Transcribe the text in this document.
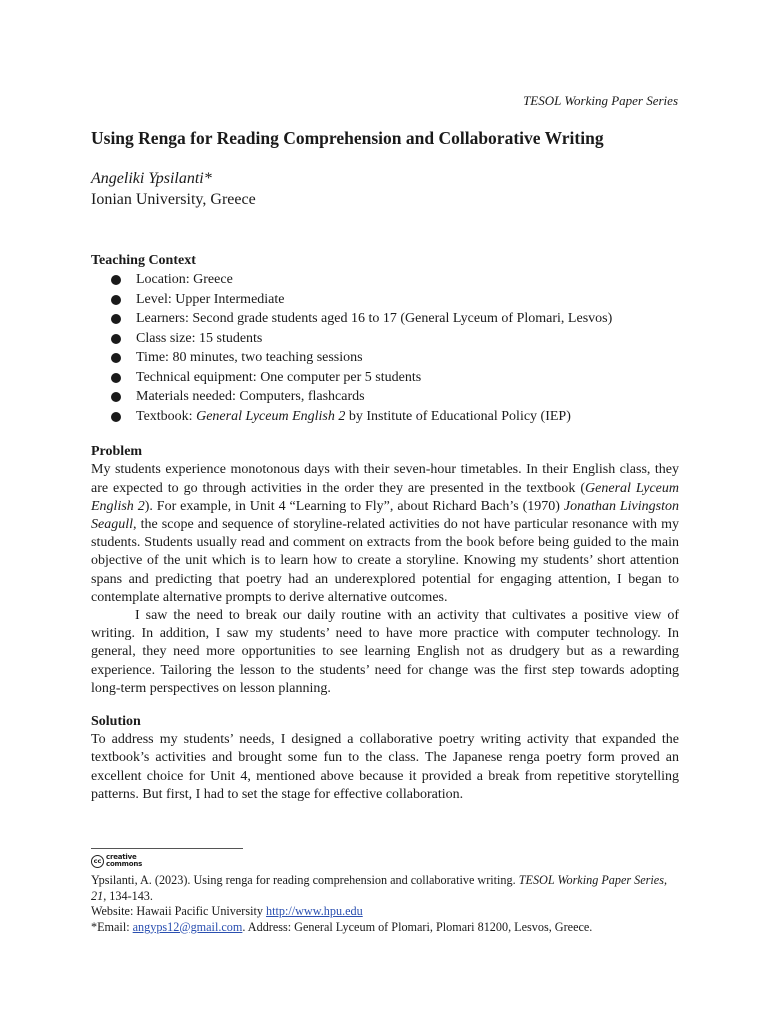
TESOL Working Paper Series
Using Renga for Reading Comprehension and Collaborative Writing
Angeliki Ypsilanti*
Ionian University, Greece
Teaching Context
Location: Greece
Level: Upper Intermediate
Learners: Second grade students aged 16 to 17 (General Lyceum of Plomari, Lesvos)
Class size: 15 students
Time: 80 minutes, two teaching sessions
Technical equipment: One computer per 5 students
Materials needed: Computers, flashcards
Textbook: General Lyceum English 2 by Institute of Educational Policy (IEP)
Problem

My students experience monotonous days with their seven-hour timetables. In their English class, they are expected to go through activities in the order they are presented in the textbook (General Lyceum English 2). For example, in Unit 4 “Learning to Fly”, about Richard Bach’s (1970) Jonathan Livingston Seagull, the scope and sequence of storyline-related activities do not have particular resonance with my students. Students usually read and comment on extracts from the book before being guided to the main objective of the unit which is to learn how to create a storyline. Knowing my students’ short attention spans and predicting that poetry had an underexplored potential for engaging attention, I began to contemplate alternative prompts to derive alternative outcomes.

I saw the need to break our daily routine with an activity that cultivates a positive view of writing. In addition, I saw my students’ need to have more practice with computer technology. In general, they need more opportunities to see learning English not as drudgery but as a rewarding experience. Tailoring the lesson to the students’ need for change was the first step towards adopting long-term perspectives on lesson planning.

Solution

To address my students’ needs, I designed a collaborative poetry writing activity that expanded the textbook’s activities and brought some fun to the class. The Japanese renga poetry form proved an excellent choice for Unit 4, mentioned above because it provided a break from repetitive storytelling patterns. But first, I had to set the stage for effective collaboration.

cc creative
commons

Ypsilanti, A. (2023). Using renga for reading comprehension and collaborative writing. TESOL Working Paper Series, 21, 134-143.

Website: Hawaii Pacific University http://www.hpu.edu

*Email: angyps12@gmail.com. Address: General Lyceum of Plomari, Plomari 81200, Lesvos, Greece.
